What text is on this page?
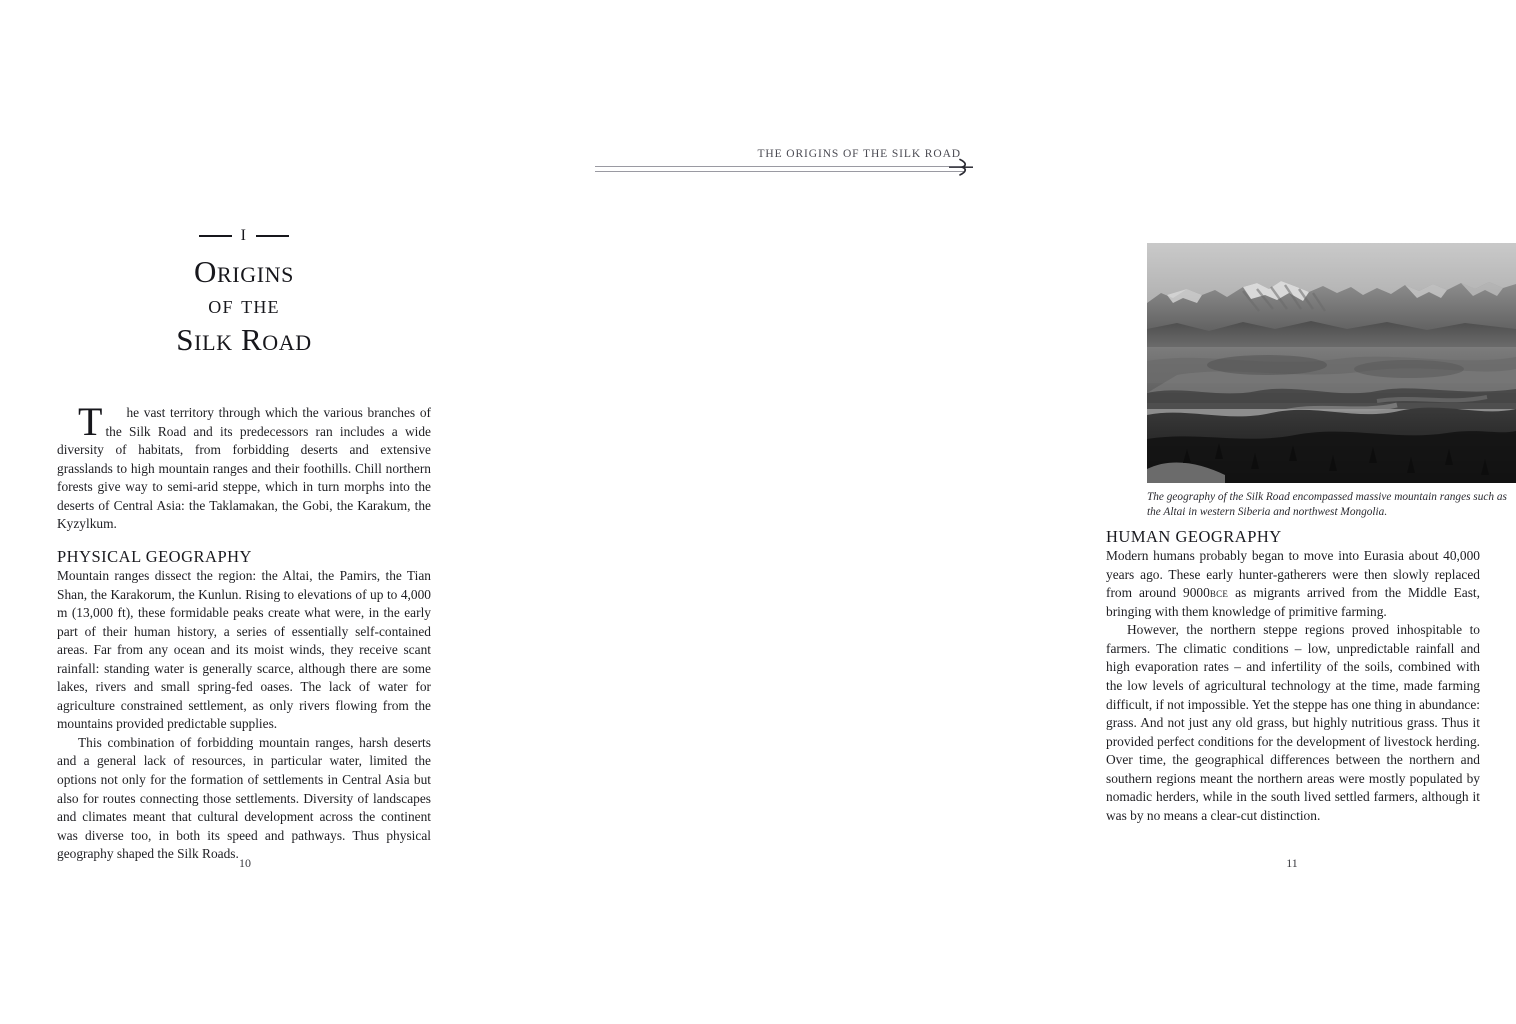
I
Origins
of the
Silk Road

T he vast territory through which the various branches of the Silk Road and its predecessors ran includes a wide diversity of habitats, from forbidding deserts and extensive grasslands to high mountain ranges and their foothills. Chill northern forests give way to semi-arid steppe, which in turn morphs into the deserts of Central Asia: the Taklamakan, the Gobi, the Karakum, the Kyzylkum.

PHYSICAL GEOGRAPHY

Mountain ranges dissect the region: the Altai, the Pamirs, the Tian Shan, the Karakorum, the Kunlun. Rising to elevations of up to 4,000 m (13,000 ft), these formidable peaks create what were, in the early part of their human history, a series of essentially self-contained areas. Far from any ocean and its moist winds, they receive scant rainfall: standing water is generally scarce, although there are some lakes, rivers and small spring-fed oases. The lack of water for agriculture constrained settlement, as only rivers flowing from the mountains provided predictable supplies.

This combination of forbidding mountain ranges, harsh deserts and a general lack of resources, in particular water, limited the options not only for the formation of settlements in Central Asia but also for routes connecting those settlements. Diversity of landscapes and climates meant that cultural development across the continent was diverse too, in both its speed and pathways. Thus physical geography shaped the Silk Roads.

10
THE ORIGINS OF THE SILK ROAD
The geography of the Silk Road encompassed massive mountain ranges such as the Altai in western Siberia and northwest Mongolia.
HUMAN GEOGRAPHY

Modern humans probably began to move into Eurasia about 40,000 years ago. These early hunter-gatherers were then slowly replaced from around 9000bce as migrants arrived from the Middle East, bringing with them knowledge of primitive farming.

However, the northern steppe regions proved inhospitable to farmers. The climatic conditions – low, unpredictable rainfall and high evaporation rates – and infertility of the soils, combined with the low levels of agricultural technology at the time, made farming difficult, if not impossible. Yet the steppe has one thing in abundance: grass. And not just any old grass, but highly nutritious grass. Thus it provided perfect conditions for the development of livestock herding. Over time, the geographical differences between the northern and southern regions meant the northern areas were mostly populated by nomadic herders, while in the south lived settled farmers, although it was by no means a clear-cut distinction.

11
